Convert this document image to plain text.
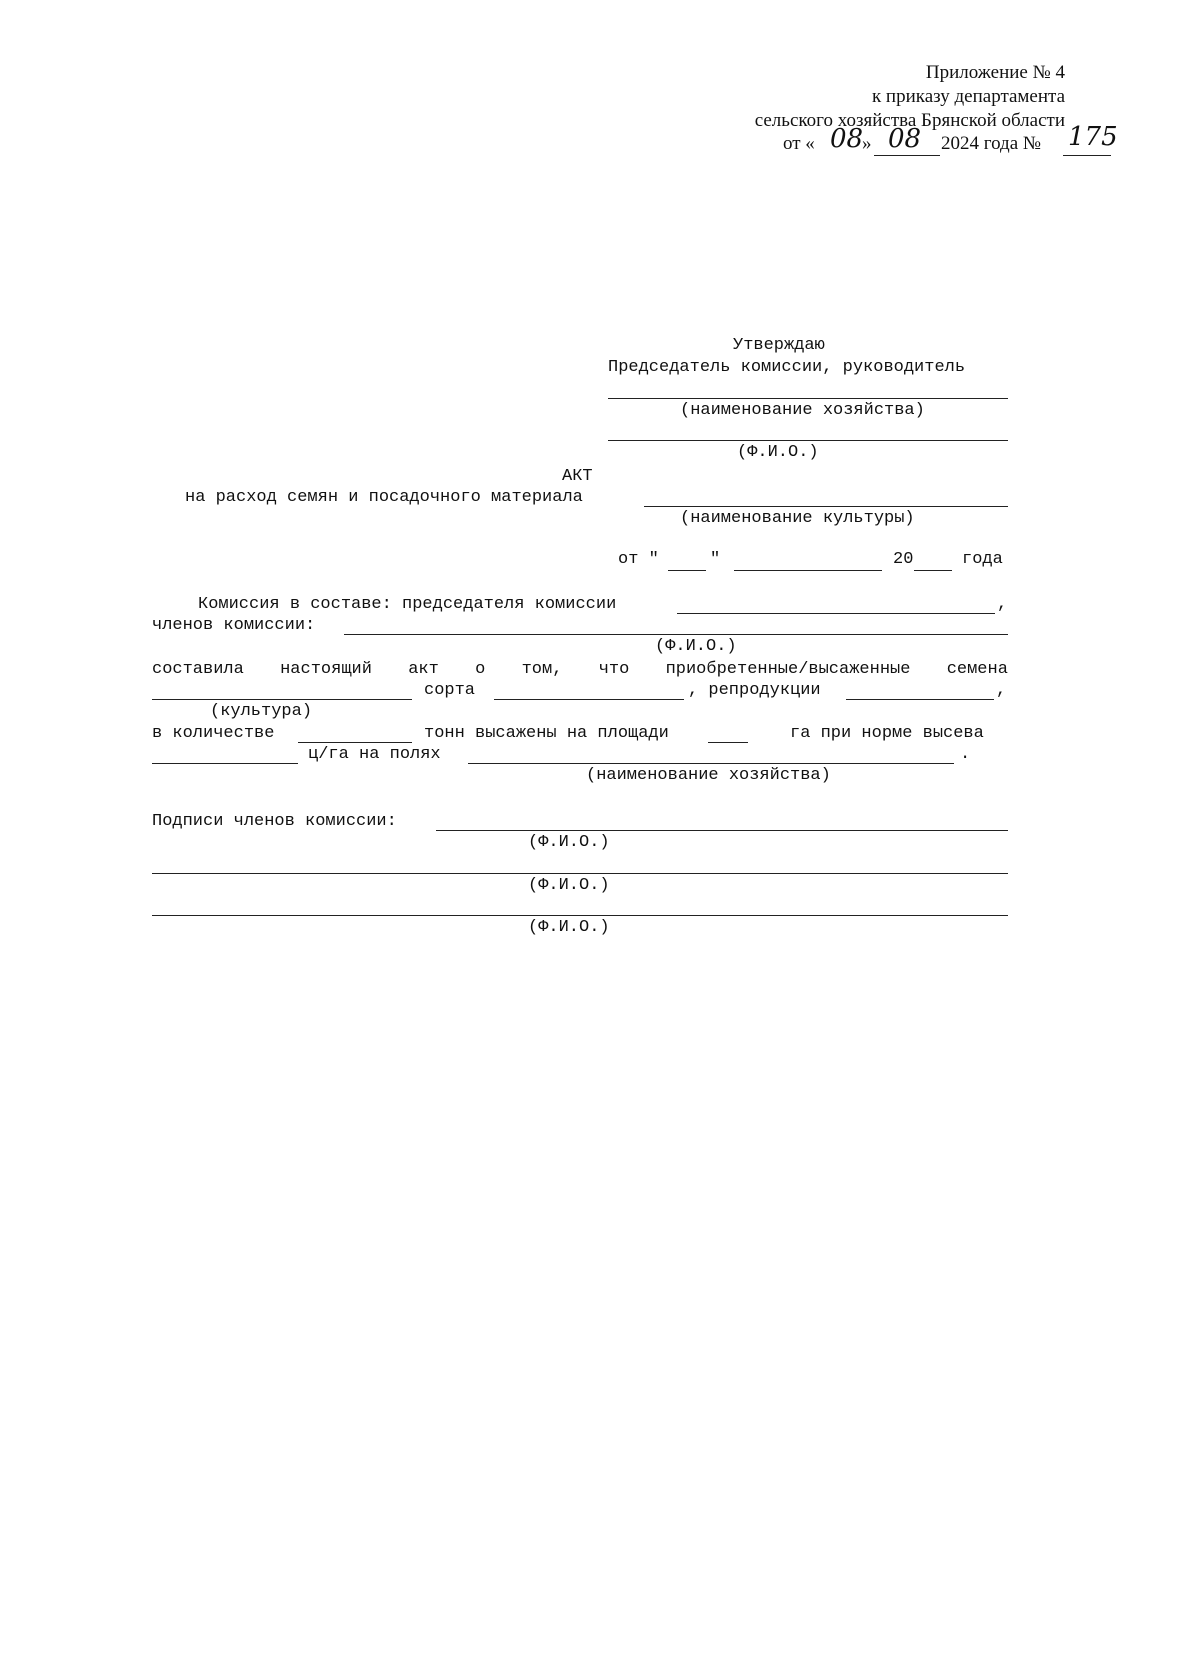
Приложение № 4
к приказу департамента
сельского хозяйства Брянской области
от « 08
» 08 2024 года № 175
Утверждаю
Председатель комиссии, руководитель
(наименование хозяйства)
(Ф.И.О.)
АКТ
на расход семян и посадочного материала
(наименование культуры)
от "	"	20	года
Комиссия в составе: председателя комиссии	,
членов комиссии:
(Ф.И.О.)
составила настоящий акт о том, что приобретенные/высаженные семена
сорта	, репродукции	,
(культура)
в количестве	тонн высажены на площади	га при норме высева
ц/га на полях	.
(наименование хозяйства)
Подписи членов комиссии:
(Ф.И.О.)
(Ф.И.О.)
(Ф.И.О.)
